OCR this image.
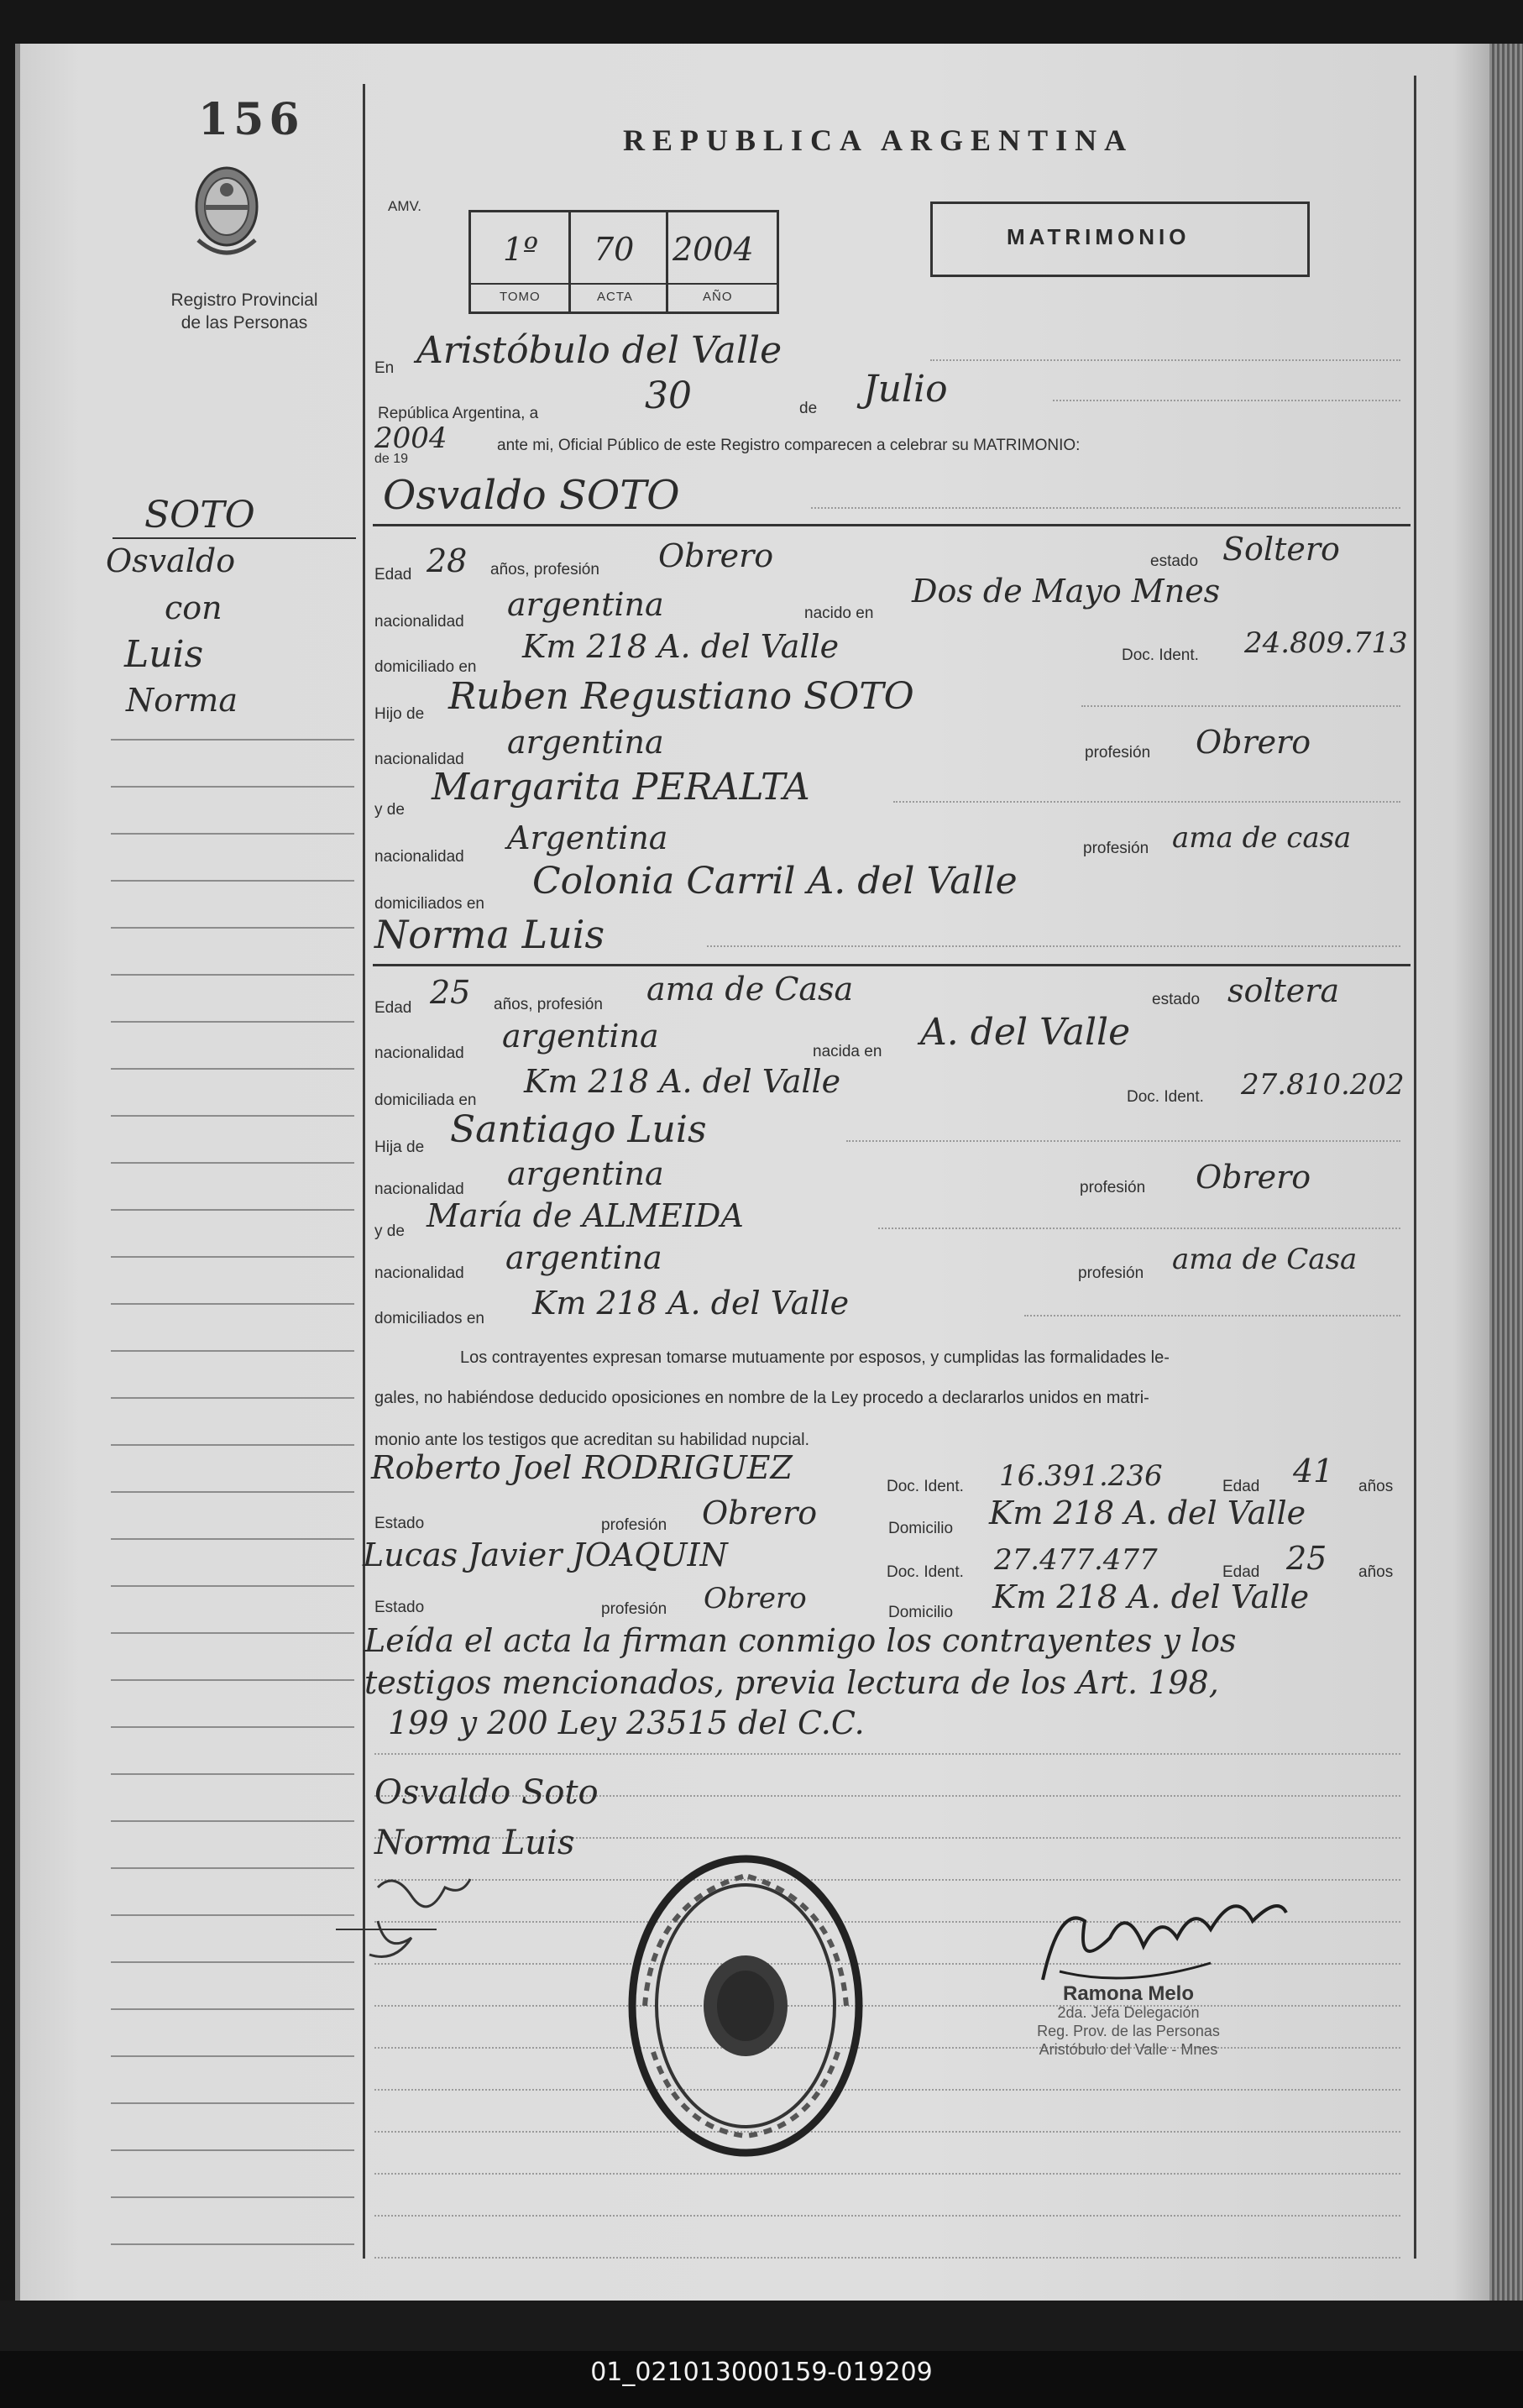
156
Registro Provincial
de las Personas
REPUBLICA ARGENTINA
AMV.
1º 70 2004
TOMO	ACTA	AÑO
MATRIMONIO
SOTO
Osvaldo
con
Luis
Norma
En Aristóbulo del Valle
República Argentina, a	30	de Julio
2004
de 19
ante mi, Oficial Público de este Registro comparecen a celebrar su MATRIMONIO:
Osvaldo SOTO
Edad 28 años, profesión Obrero	estado Soltero
nacionalidad argentina	nacido en
Dos de Mayo Mnes
domiciliado en
Km 218 A. del Valle	Doc. Ident. 24.809.713
Hijo de Ruben Regustiano SOTO
nacionalidad argentina	profesión Obrero
y de
Margarita PERALTA
nacionalidad
Argentina	profesión ama de casa
domiciliados en
Colonia Carril A. del Valle
Norma Luis
Edad 25 años, profesión ama de Casa	estado soltera
nacionalidad argentina	nacida en A. del Valle
domiciliada en
Km 218 A. del Valle	Doc. Ident. 27.810.202
Hija de Santiago Luis
nacionalidad argentina	profesión Obrero
y de María de ALMEIDA
nacionalidad argentina	profesión ama de Casa
domiciliados en Km 218 A. del Valle
Los contrayentes expresan tomarse mutuamente por esposos, y cumplidas las formalidades le-
gales, no habiéndose deducido oposiciones en nombre de la Ley procedo a declararlos unidos en matri-
monio ante los testigos que acreditan su habilidad nupcial.
Roberto Joel RODRIGUEZ
Doc. Ident. 16.391.236	Edad 41 años
Estado	profesión Obrero	Domicilio Km 218 A. del Valle
Lucas Javier JOAQUIN	Doc. Ident. 27.477.477	Edad 25 años
Estado	profesión Obrero	Domicilio Km 218 A. del Valle
Leída el acta la firman conmigo los contrayentes y los
testigos mencionados, previa lectura de los Art. 198,
199 y 200 Ley 23515 del C.C.
Osvaldo Soto
Norma Luis
Ramona Melo
2da. Jefa Delegación
Reg. Prov. de las Personas
Aristóbulo del Valle - Mnes
01_021013000159-019209
